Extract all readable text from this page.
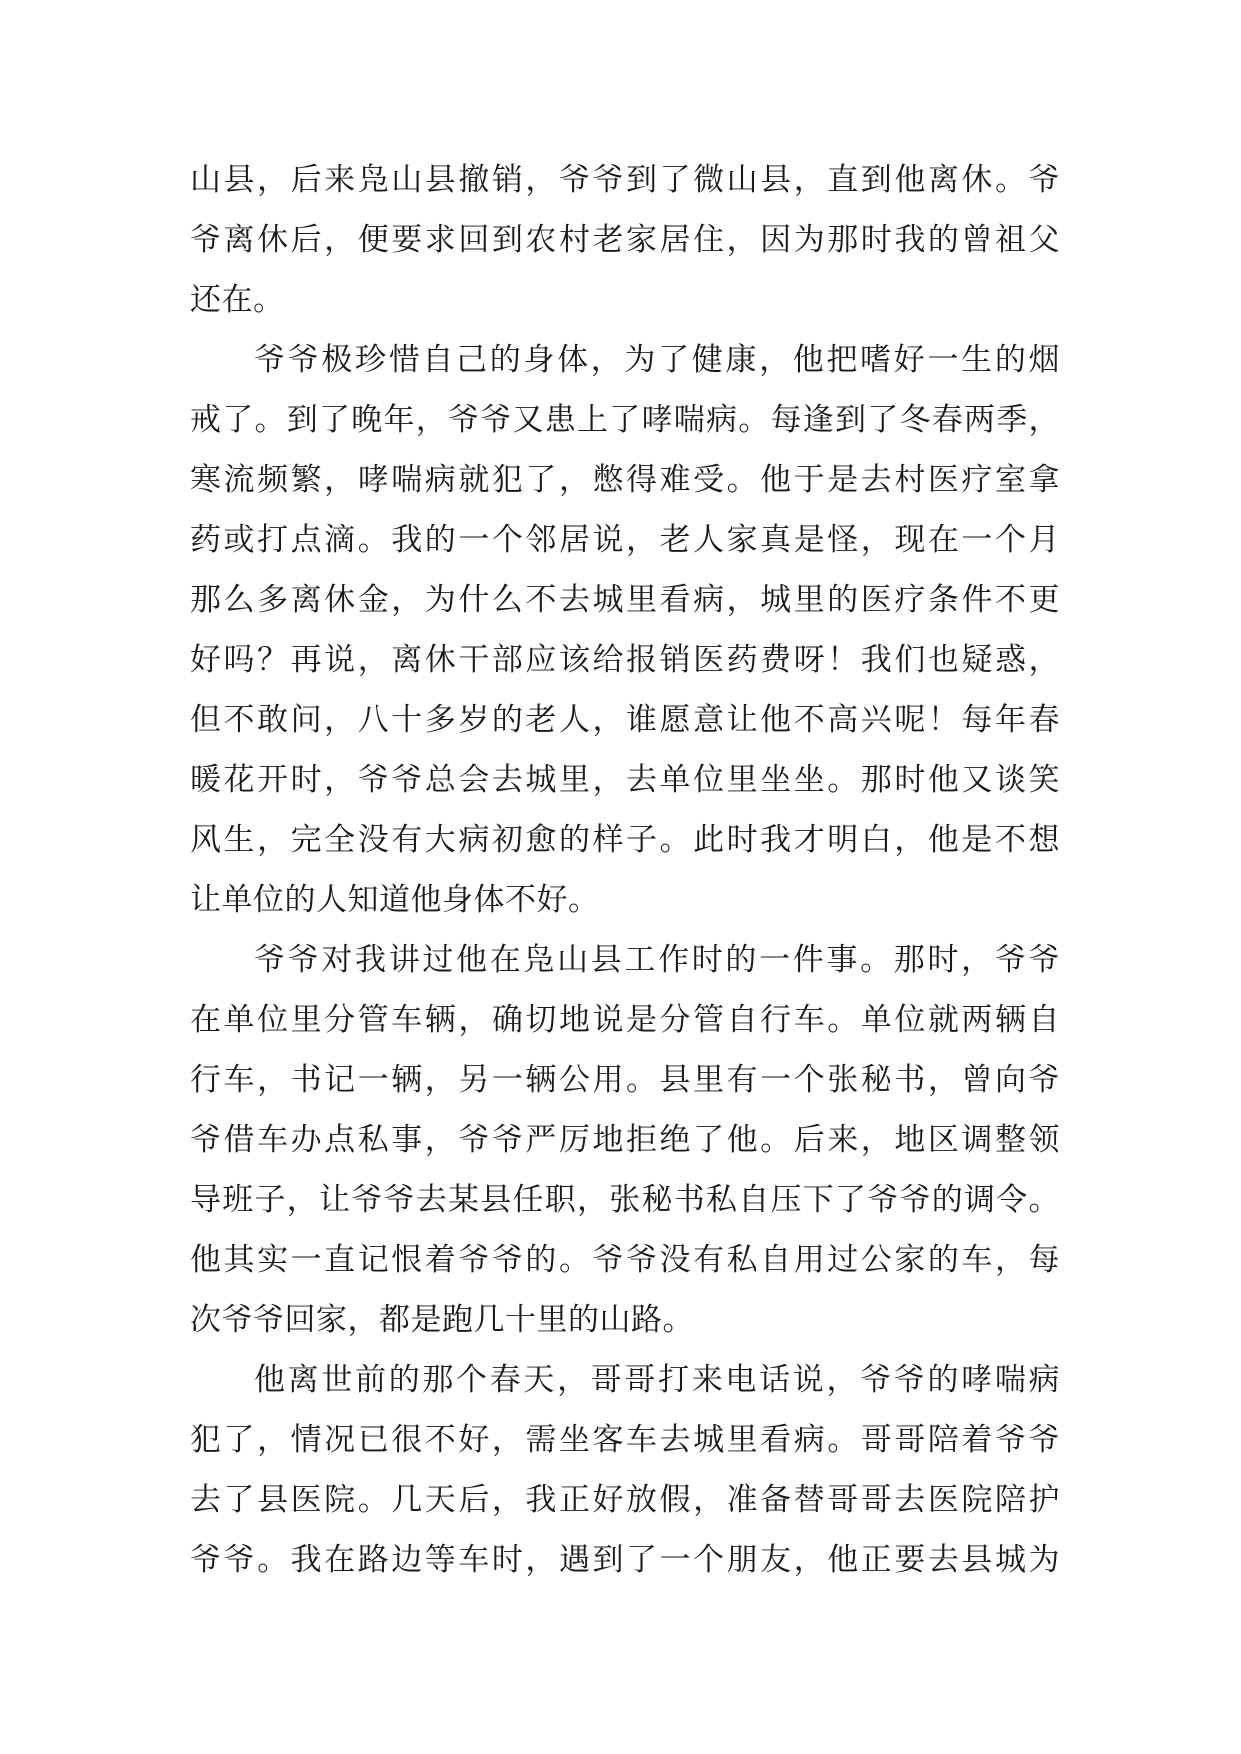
山县，后来凫山县撤销，爷爷到了微山县，直到他离休。爷
爷离休后，便要求回到农村老家居住，因为那时我的曾祖父
还在。
爷爷极珍惜自己的身体，为了健康，他把嗜好一生的烟
戒了。到了晚年，爷爷又患上了哮喘病。每逢到了冬春两季，
寒流频繁，哮喘病就犯了，憋得难受。他于是去村医疗室拿
药或打点滴。我的一个邻居说，老人家真是怪，现在一个月
那么多离休金，为什么不去城里看病，城里的医疗条件不更
好吗？再说，离休干部应该给报销医药费呀！我们也疑惑，
但不敢问，八十多岁的老人，谁愿意让他不高兴呢！每年春
暖花开时，爷爷总会去城里，去单位里坐坐。那时他又谈笑
风生，完全没有大病初愈的样子。此时我才明白，他是不想
让单位的人知道他身体不好。
爷爷对我讲过他在凫山县工作时的一件事。那时，爷爷
在单位里分管车辆，确切地说是分管自行车。单位就两辆自
行车，书记一辆，另一辆公用。县里有一个张秘书，曾向爷
爷借车办点私事，爷爷严厉地拒绝了他。后来，地区调整领
导班子，让爷爷去某县任职，张秘书私自压下了爷爷的调令。
他其实一直记恨着爷爷的。爷爷没有私自用过公家的车，每
次爷爷回家，都是跑几十里的山路。
他离世前的那个春天，哥哥打来电话说，爷爷的哮喘病
犯了，情况已很不好，需坐客车去城里看病。哥哥陪着爷爷
去了县医院。几天后，我正好放假，准备替哥哥去医院陪护
爷爷。我在路边等车时，遇到了一个朋友，他正要去县城为
